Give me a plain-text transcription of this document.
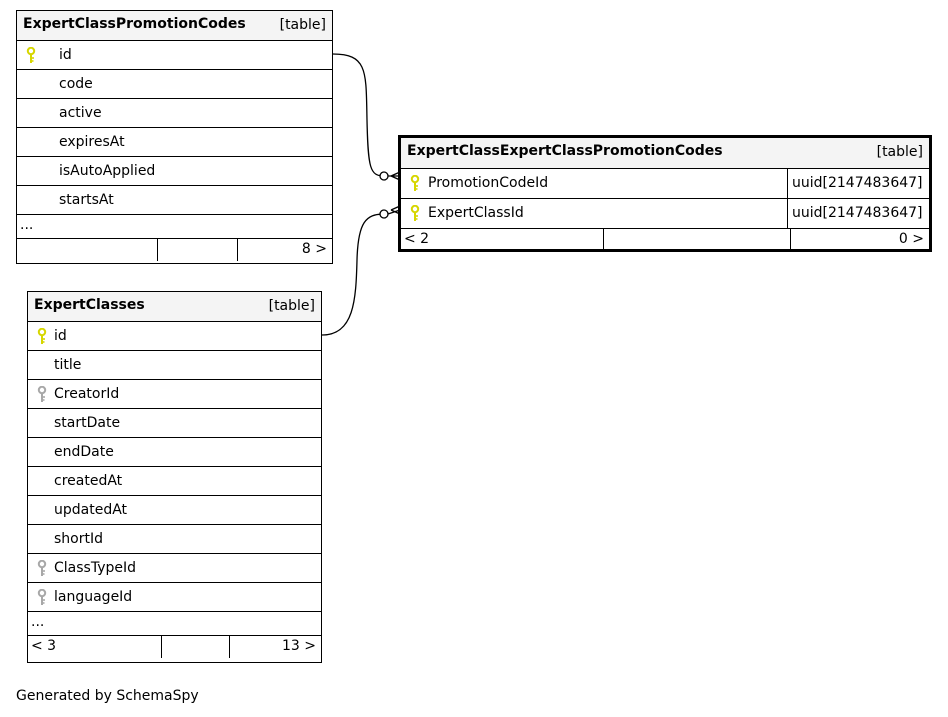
ExpertClassPromotionCodes [table]
id
code
active
expiresAt
isAutoApplied
startsAt
...
8 >
ExpertClassExpertClassPromotionCodes	[table]
PromotionCodeId	uuid[2147483647]
ExpertClassId	uuid[2147483647]
< 2	0 >
ExpertClasses	[table]
id
title
CreatorId
startDate
endDate
createdAt
updatedAt
shortId
ClassTypeId
languageId
...
< 3	13 >
Generated by SchemaSpy
